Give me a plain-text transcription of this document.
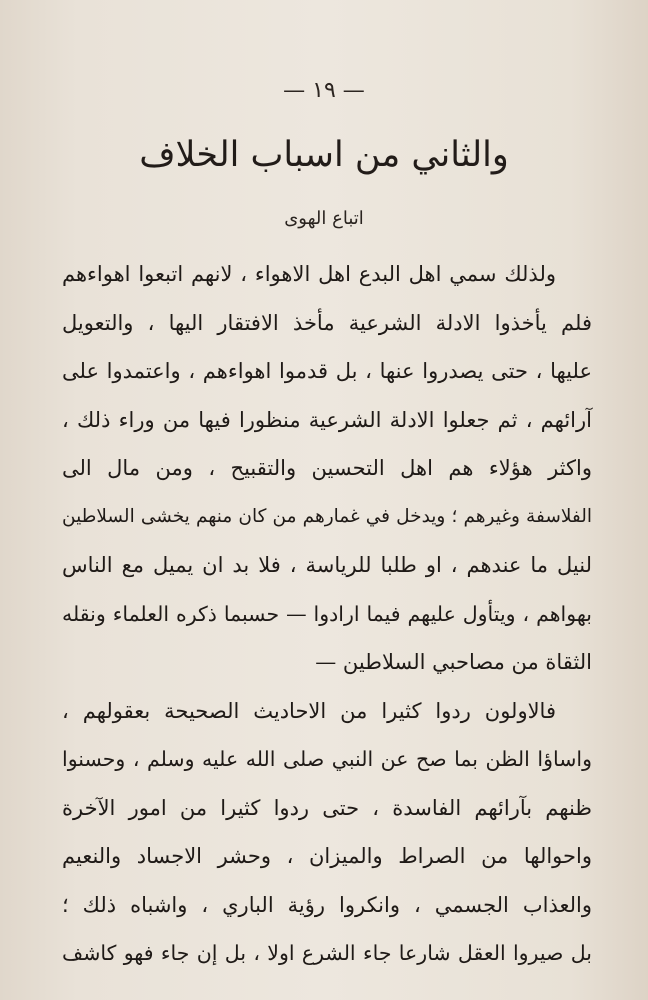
— ١٩ —
والثاني من اسباب الخلاف
اتباع الهوى
ولذلك سمي اهل البدع اهل الاهواء ، لانهم اتبعوا اهواءهم
فلم يأخذوا الادلة الشرعية مأخذ الافتقار اليها ، والتعويل
عليها ، حتى يصدروا عنها ، بل قدموا اهواءهم ، واعتمدوا على
آرائهم ، ثم جعلوا الادلة الشرعية منظورا فيها من وراء ذلك ،
واكثر هؤلاء هم اهل التحسين والتقبيح ، ومن مال الى
الفلاسفة وغيرهم ؛ ويدخل في غمارهم من كان منهم يخشى السلاطين
لنيل ما عندهم ، او طلبا للرياسة ، فلا بد ان يميل مع الناس
بهواهم ، ويتأول عليهم فيما ارادوا — حسبما ذكره العلماء ونقله
الثقاة من مصاحبي السلاطين —
فالاولون ردوا كثيرا من الاحاديث الصحيحة بعقولهم ،
واساؤا الظن بما صح عن النبي صلى الله عليه وسلم ، وحسنوا
ظنهم بآرائهم الفاسدة ، حتى ردوا كثيرا من امور الآخرة
واحوالها من الصراط والميزان ، وحشر الاجساد والنعيم
والعذاب الجسمي ، وانكروا رؤية الباري ، واشباه ذلك ؛
بل صيروا العقل شارعا جاء الشرع اولا ، بل إن جاء فهو كاشف
